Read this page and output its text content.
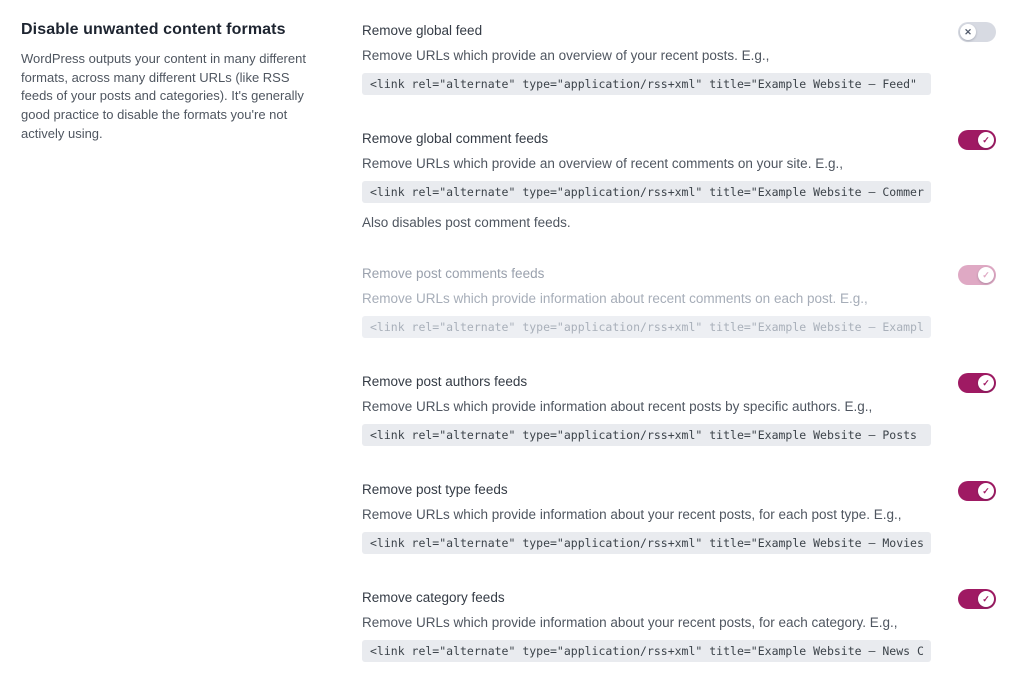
Disable unwanted content formats

WordPress outputs your content in many different formats, across many different URLs (like RSS feeds of your posts and categories). It's generally good practice to disable the formats you're not actively using.

Remove global feed
Remove URLs which provide an overview of your recent posts. E.g.,
<link rel="alternate" type="application/rss+xml" title="Example Website – Feed"
✕
Remove global comment feeds
Remove URLs which provide an overview of recent comments on your site. E.g.,
<link rel="alternate" type="application/rss+xml" title="Example Website – Commer
Also disables post comment feeds.
✓
Remove post comments feeds
Remove URLs which provide information about recent comments on each post. E.g.,
<link rel="alternate" type="application/rss+xml" title="Example Website – Exampl
✓
Remove post authors feeds
Remove URLs which provide information about recent posts by specific authors. E.g.,
<link rel="alternate" type="application/rss+xml" title="Example Website – Posts
✓
Remove post type feeds
Remove URLs which provide information about your recent posts, for each post type. E.g.,
<link rel="alternate" type="application/rss+xml" title="Example Website – Movies
✓
Remove category feeds
Remove URLs which provide information about your recent posts, for each category. E.g.,
<link rel="alternate" type="application/rss+xml" title="Example Website – News C
✓
